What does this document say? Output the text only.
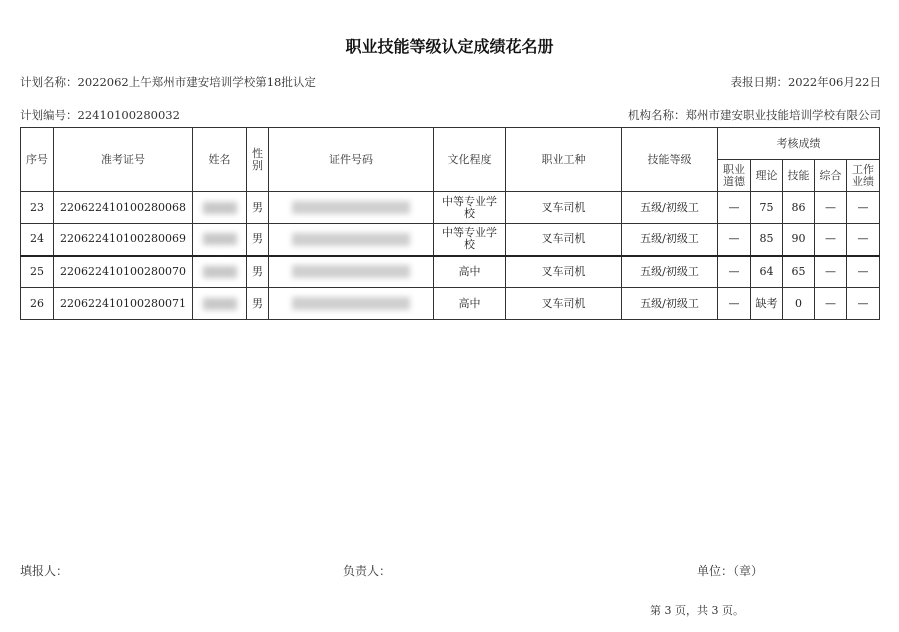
职业技能等级认定成绩花名册
计划名称：2022062上午郑州市建安培训学校第18批认定	表报日期：2022年06月22日
计划编号：22410100280032	机构名称：郑州市建安职业技能培训学校有限公司
序号	准考证号	姓名	性别	证件号码	文化程度	职业工种	技能等级	考核成绩				
								职业道德	理论	技能	综合	工作业绩
23	220622410100280068		男		中等专业学校	叉车司机	五级/初级工	—	75	86	—	—
24	220622410100280069		男		中等专业学校	叉车司机	五级/初级工	—	85	90	—	—
25	220622410100280070		男		高中	叉车司机	五级/初级工	—	64	65	—	—
26	220622410100280071		男		高中	叉车司机	五级/初级工	—	缺考	0	—	—
填报人：	负责人：	单位：（章）
第 3 页，共 3 页。
